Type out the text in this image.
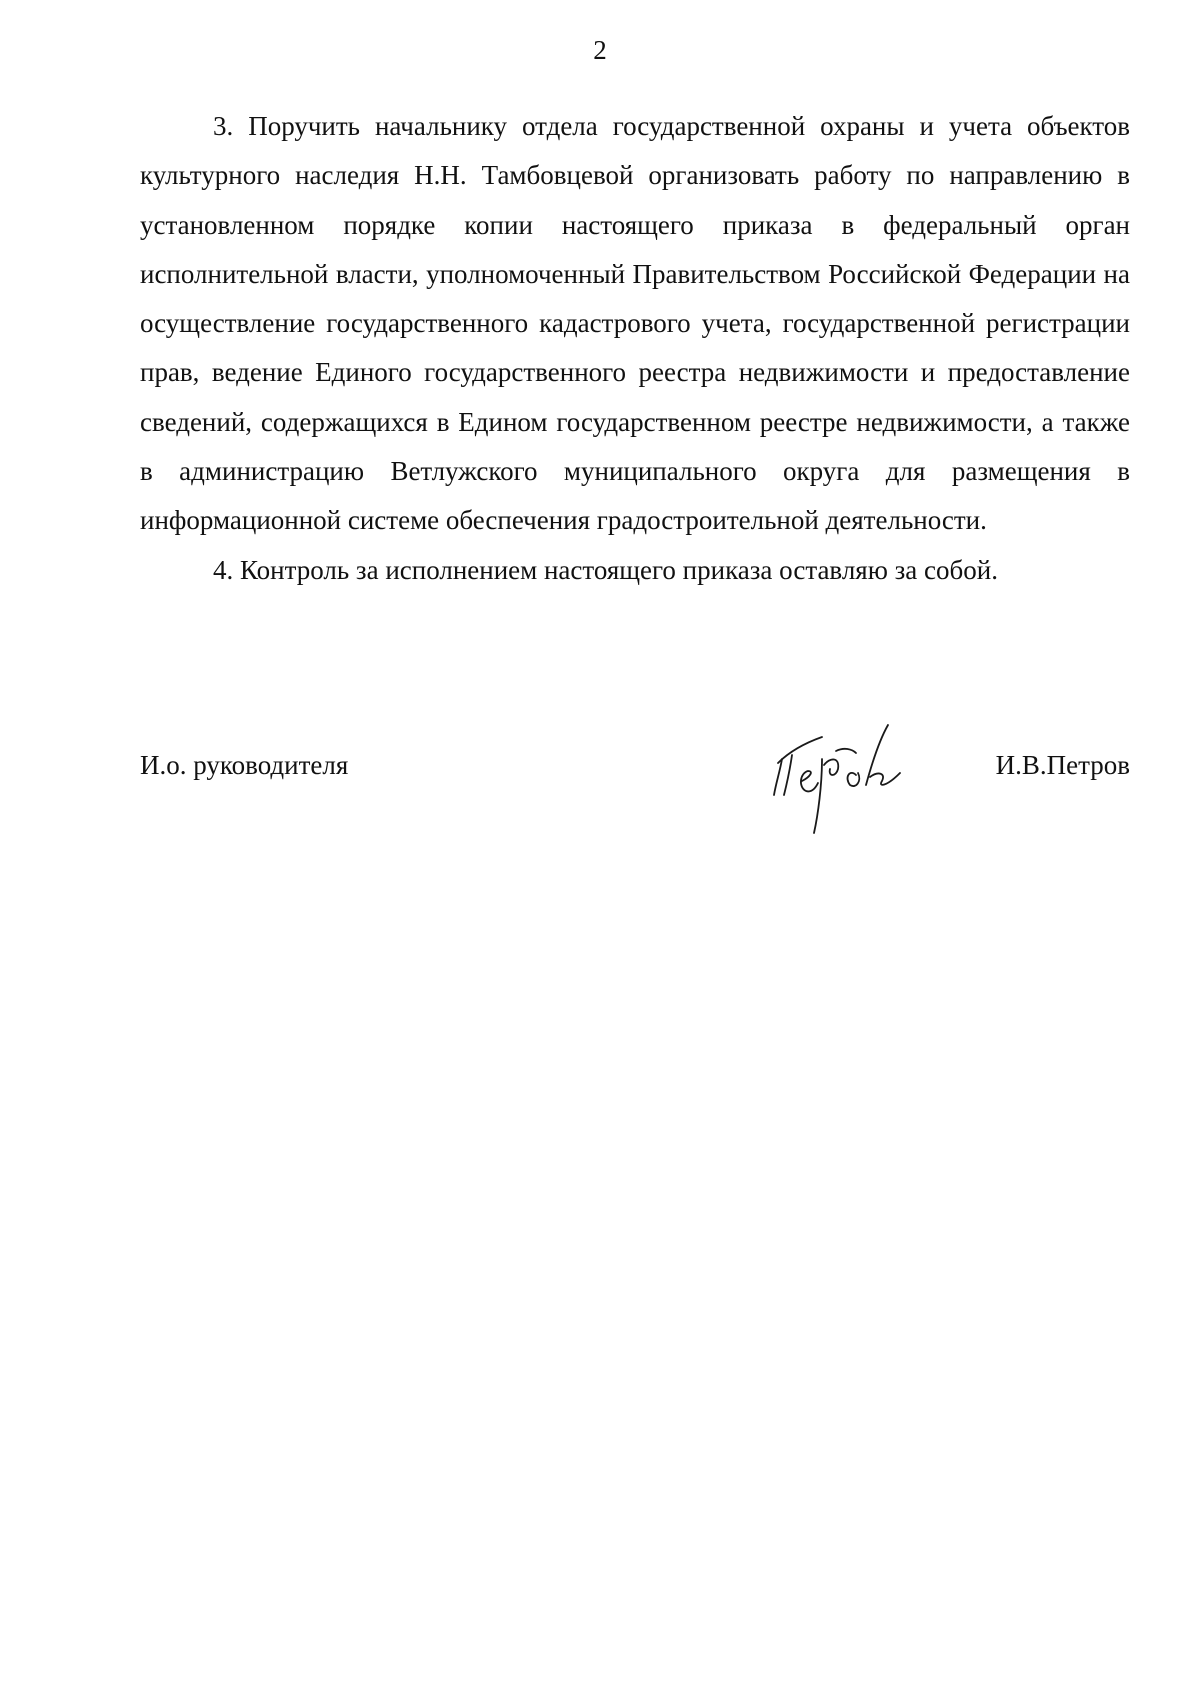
2

3. Поручить начальнику отдела государственной охраны и учета объектов культурного наследия Н.Н. Тамбовцевой организовать работу по направлению в установленном порядке копии настоящего приказа в федеральный орган исполнительной власти, уполномоченный Правительством Российской Федерации на осуществление государственного кадастрового учета, государственной регистрации прав, ведение Единого государственного реестра недвижимости и предоставление сведений, содержащихся в Едином государственном реестре недвижимости, а также в администрацию Ветлужского муниципального округа для размещения в информационной системе обеспечения градостроительной деятельности.

4. Контроль за исполнением настоящего приказа оставляю за собой.

И.о. руководителя	И.В.Петров
